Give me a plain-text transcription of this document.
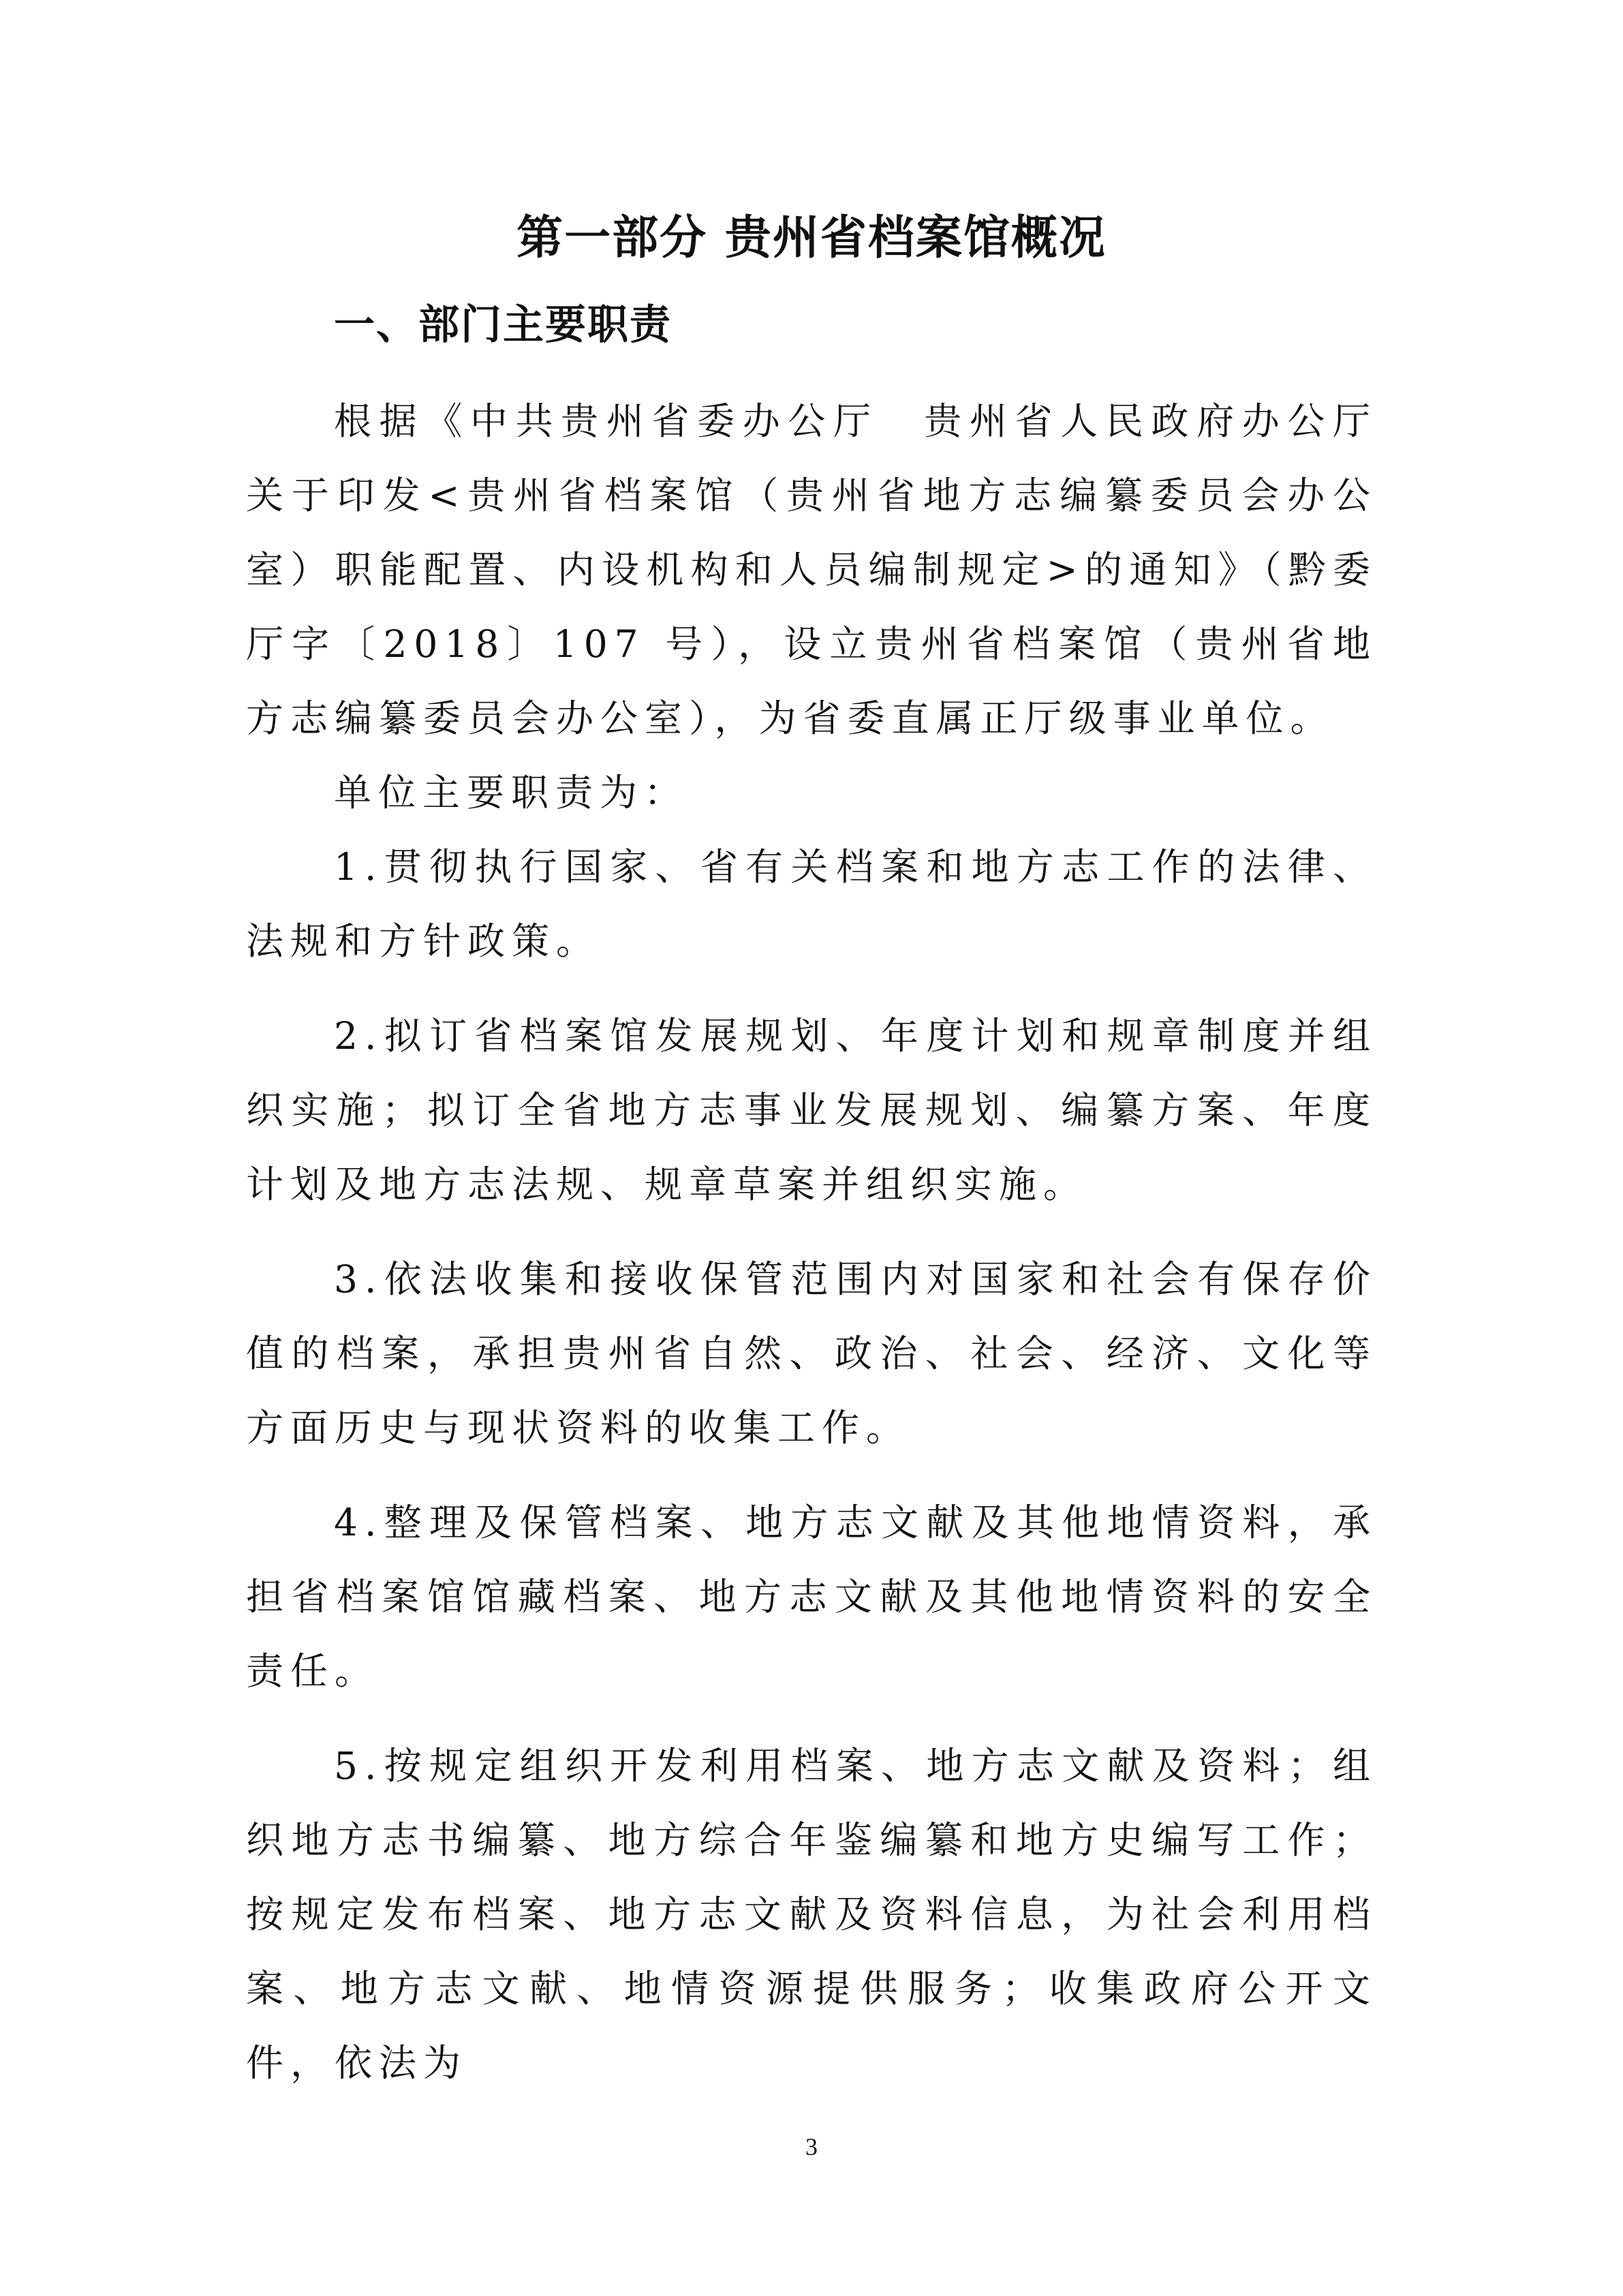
第一部分 贵州省档案馆概况
一、部门主要职责

根据《中共贵州省委办公厅　贵州省人民政府办公厅关于印发<贵州省档案馆（贵州省地方志编纂委员会办公室）职能配置、内设机构和人员编制规定>的通知》（黔委厅字〔2018〕107 号），设立贵州省档案馆（贵州省地方志编纂委员会办公室），为省委直属正厅级事业单位。

单位主要职责为：

1.贯彻执行国家、省有关档案和地方志工作的法律、法规和方针政策。

2.拟订省档案馆发展规划、年度计划和规章制度并组织实施；拟订全省地方志事业发展规划、编纂方案、年度计划及地方志法规、规章草案并组织实施。

3.依法收集和接收保管范围内对国家和社会有保存价值的档案，承担贵州省自然、政治、社会、经济、文化等方面历史与现状资料的收集工作。

4.整理及保管档案、地方志文献及其他地情资料，承担省档案馆馆藏档案、地方志文献及其他地情资料的安全责任。

5.按规定组织开发利用档案、地方志文献及资料；组织地方志书编纂、地方综合年鉴编纂和地方史编写工作；按规定发布档案、地方志文献及资料信息，为社会利用档案、地方志文献、地情资源提供服务；收集政府公开文件，依法为

3
